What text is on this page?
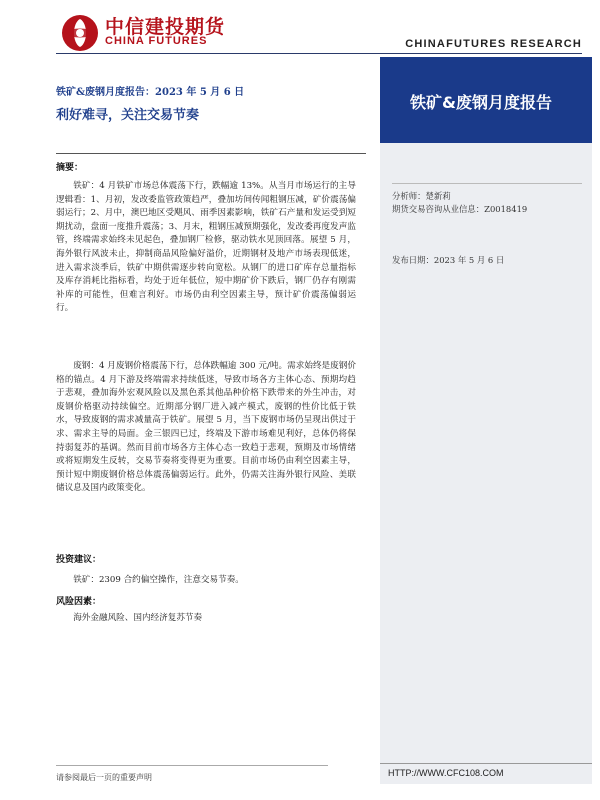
中信建投期货
CHINA FUTURES	CHINAFUTURES RESEARCH
铁矿&废钢月度报告：2023 年 5 月 6 日
利好难寻，关注交易节奏
铁矿&废钢月度报告
分析师：楚新莉
期货交易咨询从业信息：Z0018419
发布日期：2023 年 5 月 6 日
摘要：
铁矿：4 月铁矿市场总体震荡下行，跌幅逾 13%。从当月市场运行的主导逻辑看：1、月初，发改委监管政策趋严，叠加坊间传闻粗钢压减，矿价震荡偏弱运行；2、月中，澳巴地区受飓风、雨季因素影响，铁矿石产量和发运受到短期扰动，盘面一度推升震荡；3、月末，粗钢压减预期强化，发改委再度发声监管，终端需求始终未见起色，叠加钢厂检修，驱动铁水见顶回落。展望 5 月，海外银行风波未止，抑制商品风险偏好溢价，近期钢材及地产市场表现低迷，进入需求淡季后，铁矿中期供需逐步转向宽松。从钢厂的进口矿库存总量指标及库存消耗比指标看，均处于近年低位，短中期矿价下跌后，钢厂仍存有刚需补库的可能性，但难言利好。市场仍由利空因素主导，预计矿价震荡偏弱运行。
废钢：4 月废钢价格震荡下行，总体跌幅逾 300 元/吨。需求始终是废钢价格的锚点。4 月下游及终端需求持续低迷，导致市场各方主体心态、预期均趋于悲观，叠加海外宏观风险以及黑色系其他品种价格下跌带来的外生冲击，对废钢价格驱动持续偏空。近期部分钢厂进入减产模式，废钢的性价比低于铁水，导致废钢的需求减量高于铁矿。展望 5 月，当下废钢市场仍呈现出供过于求、需求主导的局面。金三银四已过，终端及下游市场难见利好，总体仍将保持弱复苏的基调。然而目前市场各方主体心态一致趋于悲观，预期及市场情绪或将短期发生反转，交易节奏将变得更为重要。目前市场仍由利空因素主导，预计短中期废钢价格总体震荡偏弱运行。此外，仍需关注海外银行风险、美联储议息及国内政策变化。
投资建议：
铁矿：2309 合约偏空操作，注意交易节奏。
风险因素：
海外金融风险、国内经济复苏节奏
请参阅最后一页的重要声明	HTTP://WWW.CFC108.COM
